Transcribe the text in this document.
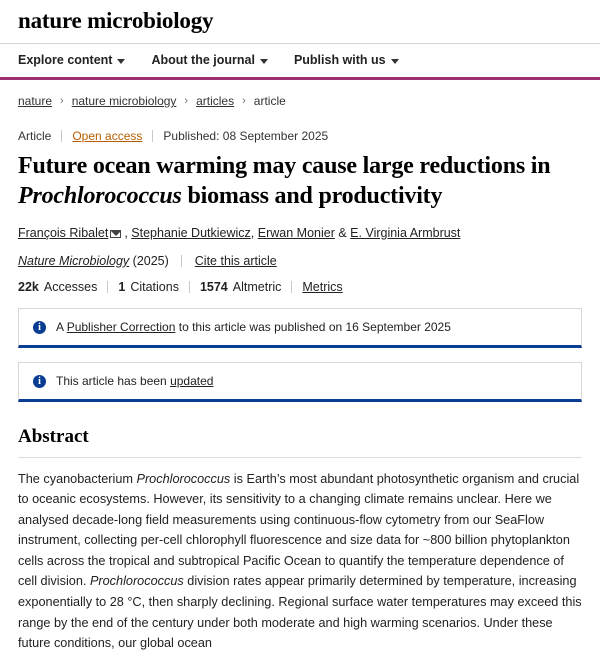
nature microbiology
Explore content	About the journal	Publish with us
nature › nature microbiology › articles › article
Article Open access Published: 08 September 2025
Future ocean warming may cause large reductions in
Prochlorococcus biomass and productivity
François Ribalet , Stephanie Dutkiewicz, Erwan Monier & E. Virginia Armbrust
Nature Microbiology (2025) Cite this article
22k Accesses 1 Citations 1574 Altmetric Metrics
i	A Publisher Correction to this article was published on 16 September 2025
i	This article has been updated
Abstract

The cyanobacterium Prochlorococcus is Earth’s most abundant photosynthetic organism and crucial to oceanic ecosystems. However, its sensitivity to a changing climate remains unclear. Here we analysed decade-long field measurements using continuous-flow cytometry from our SeaFlow instrument, collecting per-cell chlorophyll fluorescence and size data for ~800 billion phytoplankton cells across the tropical and subtropical Pacific Ocean to quantify the temperature dependence of cell division. Prochlorococcus division rates appear primarily determined by temperature, increasing exponentially to 28 °C, then sharply declining. Regional surface water temperatures may exceed this range by the end of the century under both moderate and high warming scenarios. Under these future conditions, our global ocean
